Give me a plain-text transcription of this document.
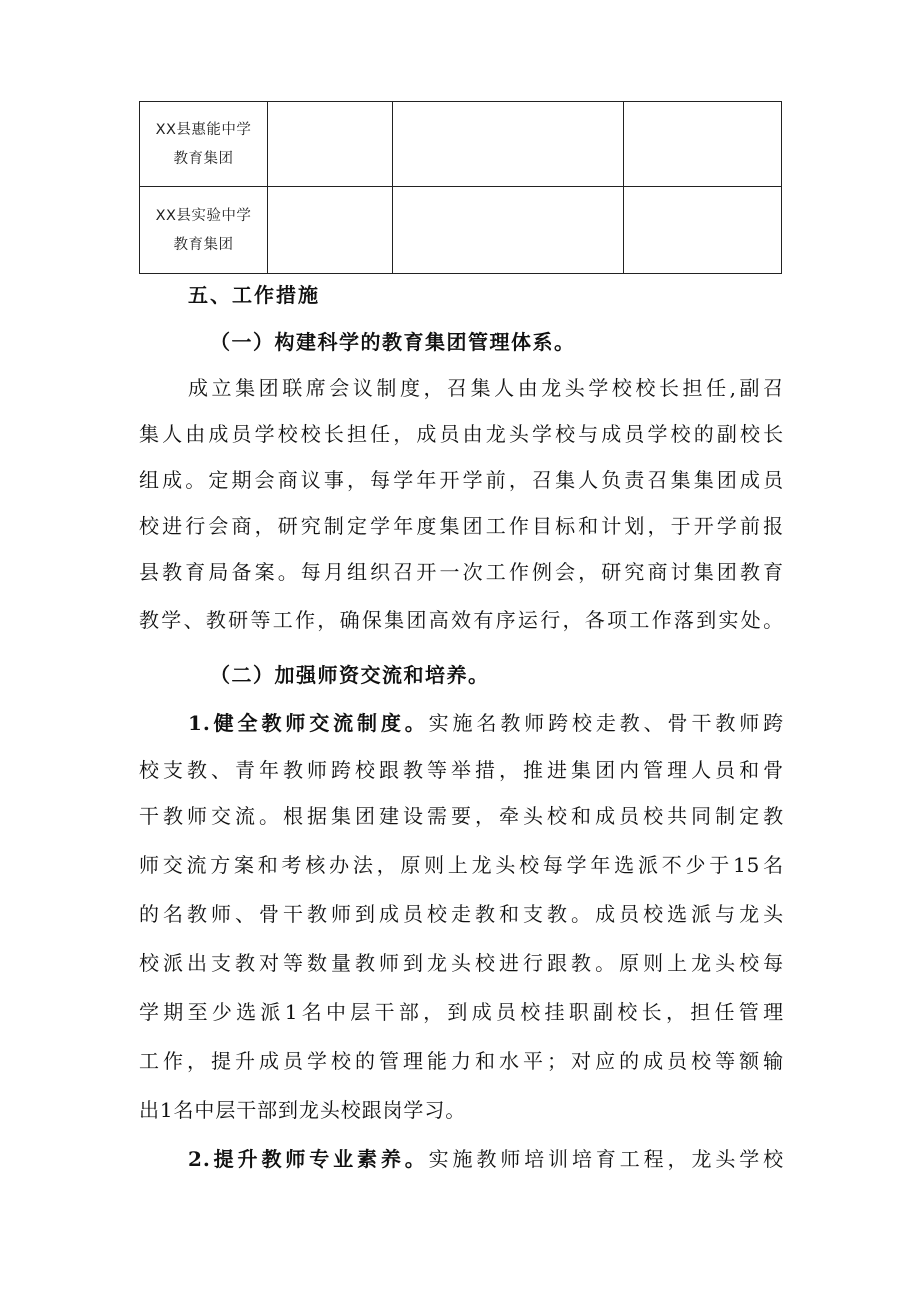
XX县惠能中学
教育集团
XX县实验中学
教育集团
五、工作措施
（一）构建科学的教育集团管理体系。
成立集团联席会议制度，召集人由龙头学校校长担任,副召
集人由成员学校校长担任，成员由龙头学校与成员学校的副校长
组成。定期会商议事，每学年开学前，召集人负责召集集团成员
校进行会商，研究制定学年度集团工作目标和计划，于开学前报
县教育局备案。每月组织召开一次工作例会，研究商讨集团教育
教学、教研等工作，确保集团高效有序运行，各项工作落到实处。
（二）加强师资交流和培养。
1.健全教师交流制度。实施名教师跨校走教、骨干教师跨
校支教、青年教师跨校跟教等举措，推进集团内管理人员和骨
干教师交流。根据集团建设需要，牵头校和成员校共同制定教
师交流方案和考核办法，原则上龙头校每学年选派不少于15名
的名教师、骨干教师到成员校走教和支教。成员校选派与龙头
校派出支教对等数量教师到龙头校进行跟教。原则上龙头校每
学期至少选派1名中层干部，到成员校挂职副校长，担任管理
工作，提升成员学校的管理能力和水平；对应的成员校等额输
出1名中层干部到龙头校跟岗学习。
2.提升教师专业素养。实施教师培训培育工程，龙头学校
